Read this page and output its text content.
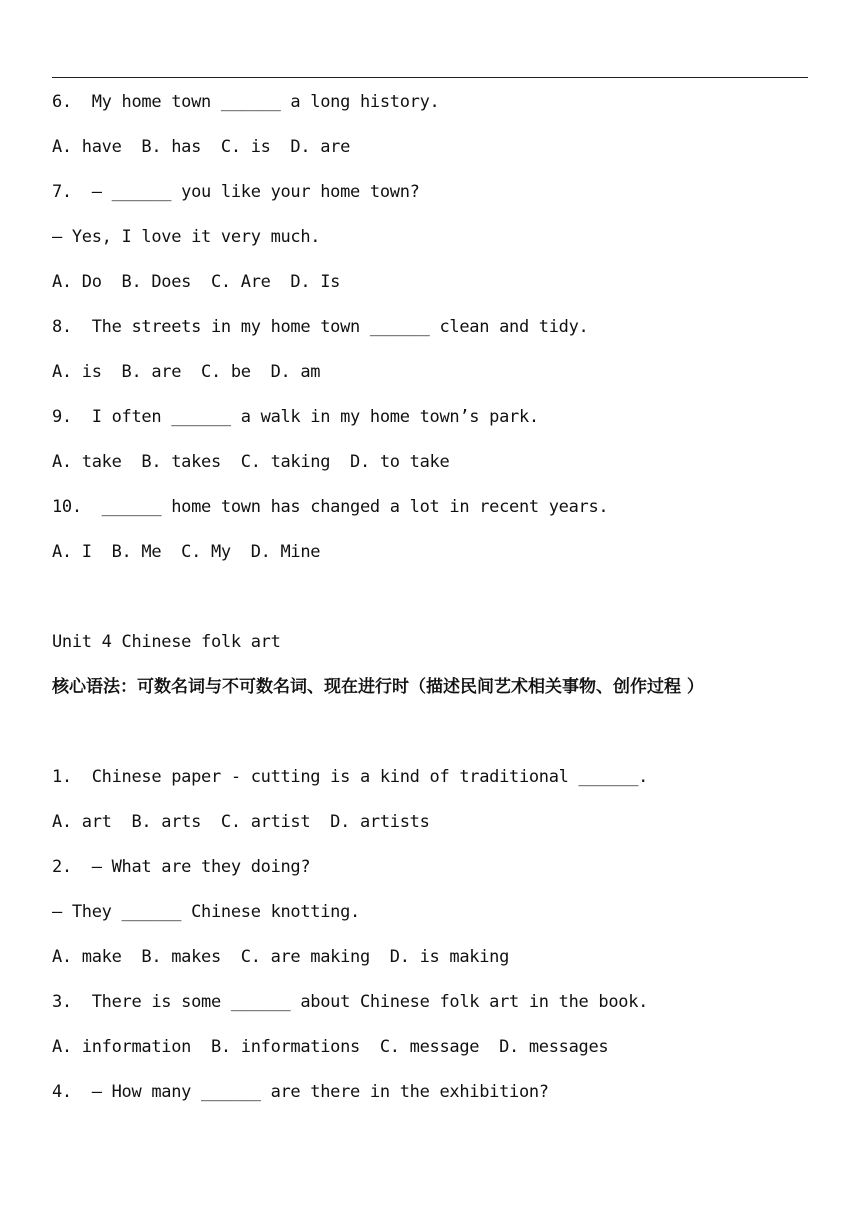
6.  My home town ______ a long history.
A. have  B. has  C. is  D. are
7.  — ______ you like your home town?
— Yes, I love it very much.
A. Do  B. Does  C. Are  D. Is
8.  The streets in my home town ______ clean and tidy.
A. is  B. are  C. be  D. am
9.  I often ______ a walk in my home town’s park.
A. take  B. takes  C. taking  D. to take
10.  ______ home town has changed a lot in recent years.
A. I  B. Me  C. My  D. Mine
Unit 4 Chinese folk art
核心语法：可数名词与不可数名词、现在进行时（描述民间艺术相关事物、创作过程 ）
1.  Chinese paper - cutting is a kind of traditional ______.
A. art  B. arts  C. artist  D. artists
2.  — What are they doing?
— They ______ Chinese knotting.
A. make  B. makes  C. are making  D. is making
3.  There is some ______ about Chinese folk art in the book.
A. information  B. informations  C. message  D. messages
4.  — How many ______ are there in the exhibition?
